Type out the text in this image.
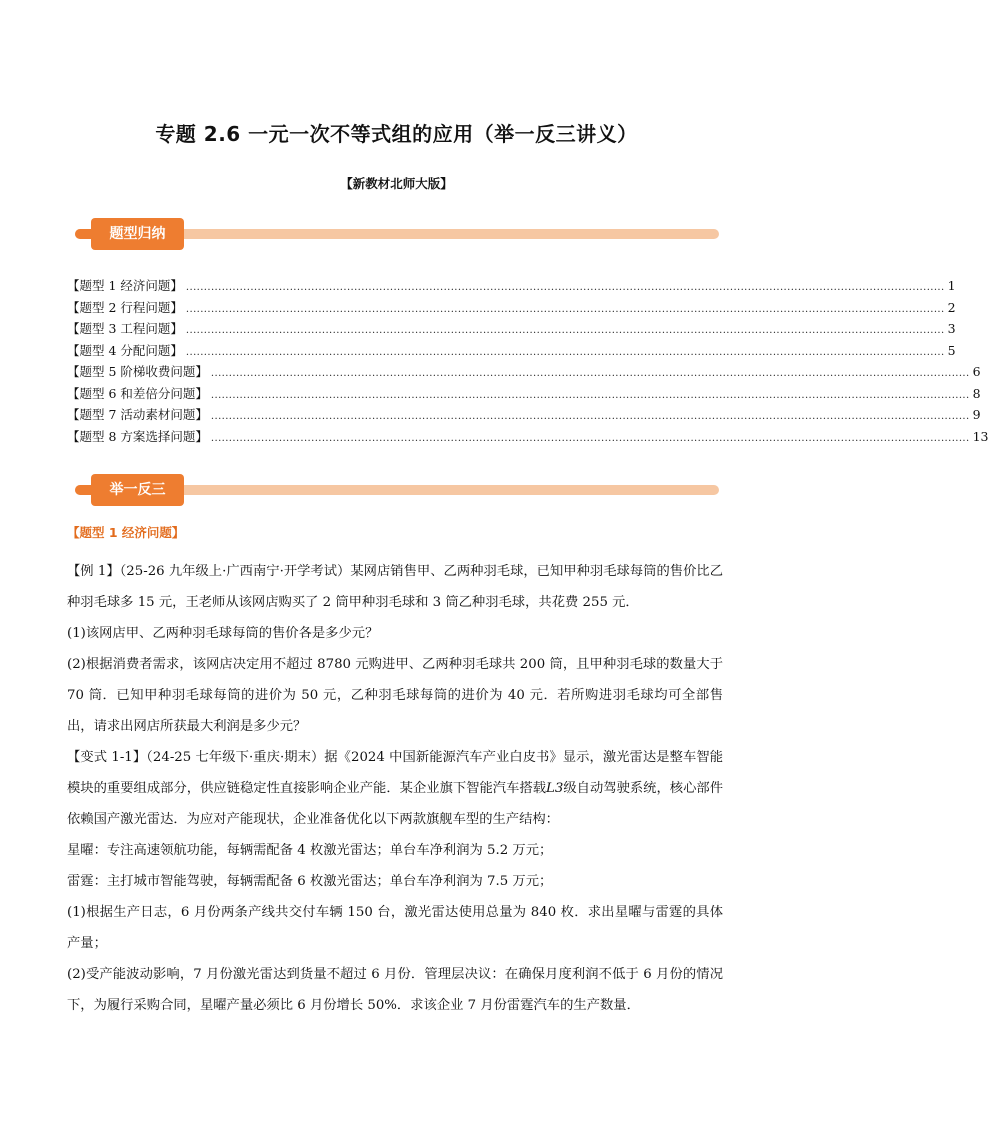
专题 2.6 一元一次不等式组的应用（举一反三讲义）
【新教材北师大版】
题型归纳
【题型 1 经济问题】 .................................................................................................................................................................................................................... 1
【题型 2 行程问题】 .................................................................................................................................................................................................................... 2
【题型 3 工程问题】 .................................................................................................................................................................................................................... 3
【题型 4 分配问题】 .................................................................................................................................................................................................................... 5
【题型 5 阶梯收费问题】 .................................................................................................................................................................................................................... 6
【题型 6 和差倍分问题】 .................................................................................................................................................................................................................... 8
【题型 7 活动素材问题】 .................................................................................................................................................................................................................... 9
【题型 8 方案选择问题】 .................................................................................................................................................................................................................... 13
举一反三
【题型 1 经济问题】

【例 1】（25-26 九年级上·广西南宁·开学考试）某网店销售甲、乙两种羽毛球，已知甲种羽毛球每筒的售价比乙种羽毛球多 15 元，王老师从该网店购买了 2 筒甲种羽毛球和 3 筒乙种羽毛球，共花费 255 元．

(1)该网店甲、乙两种羽毛球每筒的售价各是多少元？

(2)根据消费者需求，该网店决定用不超过 8780 元购进甲、乙两种羽毛球共 200 筒，且甲种羽毛球的数量大于 70 筒．已知甲种羽毛球每筒的进价为 50 元，乙种羽毛球每筒的进价为 40 元．若所购进羽毛球均可全部售出，请求出网店所获最大利润是多少元？

【变式 1-1】（24-25 七年级下·重庆·期末）据《2024 中国新能源汽车产业白皮书》显示，激光雷达是整车智能模块的重要组成部分，供应链稳定性直接影响企业产能．某企业旗下智能汽车搭载L3级自动驾驶系统，核心部件依赖国产激光雷达．为应对产能现状，企业准备优化以下两款旗舰车型的生产结构：

星曜：专注高速领航功能，每辆需配备 4 枚激光雷达；单台车净利润为 5.2 万元；

雷霆：主打城市智能驾驶，每辆需配备 6 枚激光雷达；单台车净利润为 7.5 万元；

(1)根据生产日志，6 月份两条产线共交付车辆 150 台，激光雷达使用总量为 840 枚．求出星曜与雷霆的具体产量；

(2)受产能波动影响，7 月份激光雷达到货量不超过 6 月份．管理层决议：在确保月度利润不低于 6 月份的情况下，为履行采购合同，星曜产量必须比 6 月份增长 50%．求该企业 7 月份雷霆汽车的生产数量．
